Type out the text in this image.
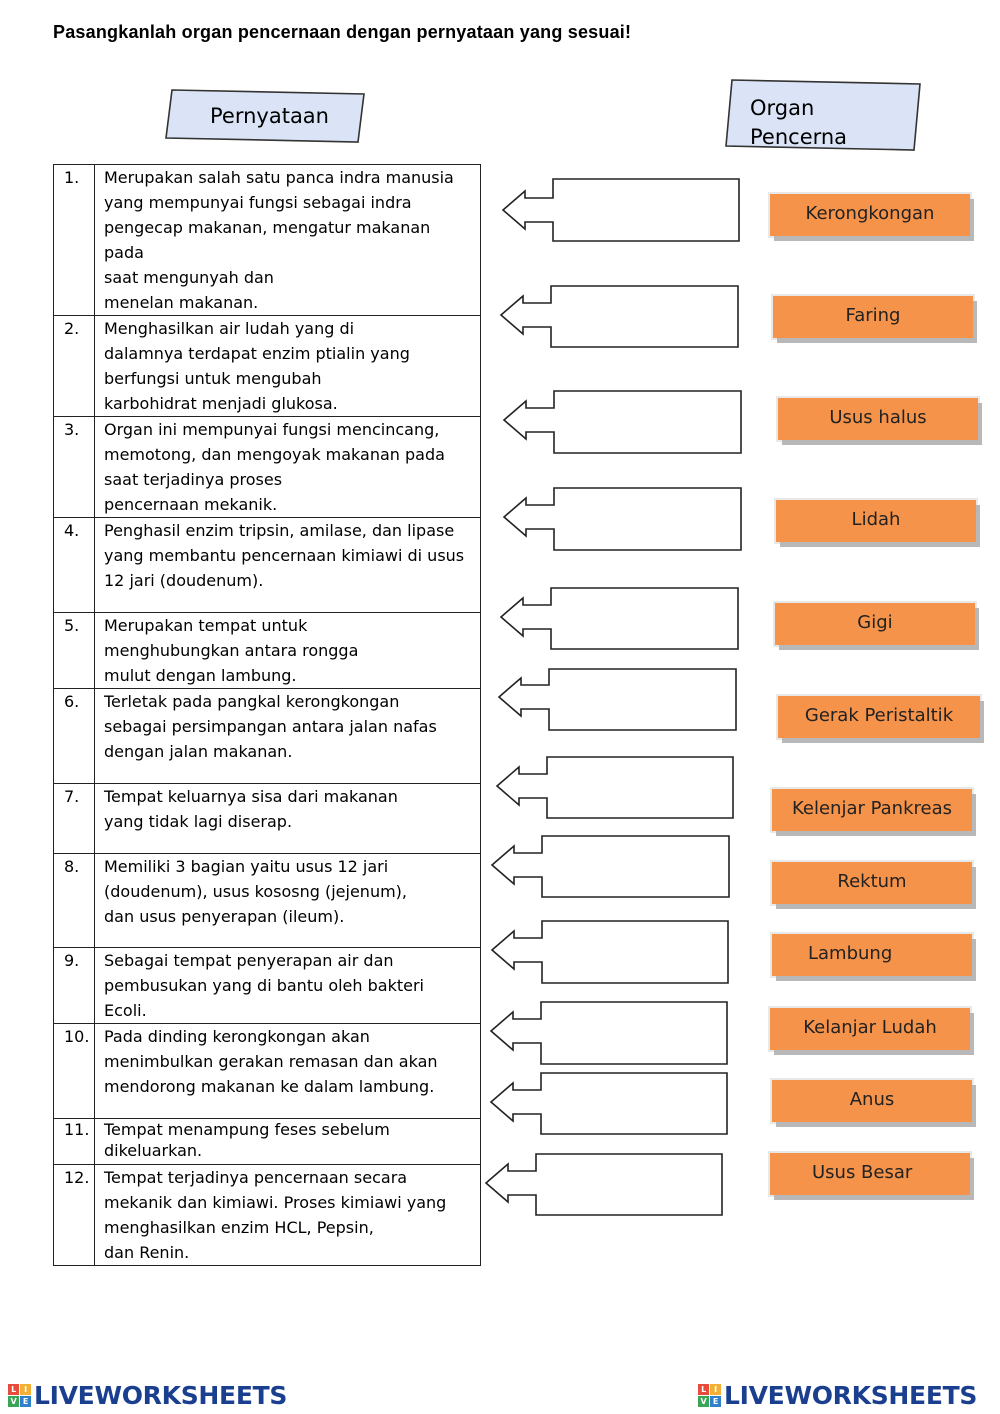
Pasangkanlah organ pencernaan dengan pernyataan yang sesuai!
Pernyataan	Organ
Pencerna
1.	Merupakan salah satu panca indra manusia
yang mempunyai fungsi sebagai indra
pengecap makanan, mengatur makanan pada
saat mengunyah dan
menelan makanan.

2.	Menghasilkan air ludah yang di
dalamnya terdapat enzim ptialin yang
berfungsi untuk mengubah
karbohidrat menjadi glukosa.

3.	Organ ini mempunyai fungsi mencincang,
memotong, dan mengoyak makanan pada
saat terjadinya proses
pencernaan mekanik.

4.	Penghasil enzim tripsin, amilase, dan lipase
yang membantu pencernaan kimiawi di usus
12 jari (doudenum).

5.	Merupakan tempat untuk
menghubungkan antara rongga
mulut dengan lambung.

6.	Terletak pada pangkal kerongkongan
sebagai persimpangan antara jalan nafas
dengan jalan makanan.

7.	Tempat keluarnya sisa dari makanan
yang tidak lagi diserap.

8.	Memiliki 3 bagian yaitu usus 12 jari
(doudenum), usus kososng (jejenum),
dan usus penyerapan (ileum).

9.	Sebagai tempat penyerapan air dan
pembusukan yang di bantu oleh bakteri
Ecoli.

10.	Pada dinding kerongkongan akan
menimbulkan gerakan remasan dan akan
mendorong makanan ke dalam lambung.

11.	Tempat menampung feses sebelum
dikeluarkan.

12.	Tempat terjadinya pencernaan secara
mekanik dan kimiawi. Proses kimiawi yang
menghasilkan enzim HCL, Pepsin,
dan Renin.
Kerongkongan
Faring
Usus halus
Lidah
Gigi
Gerak Peristaltik
Kelenjar Pankreas
Rektum
Lambung
Kelanjar Ludah
Anus
Usus Besar
L	I
V E LIVEWORKSHEETS	L	I
V E LIVEWORKSHEETS
